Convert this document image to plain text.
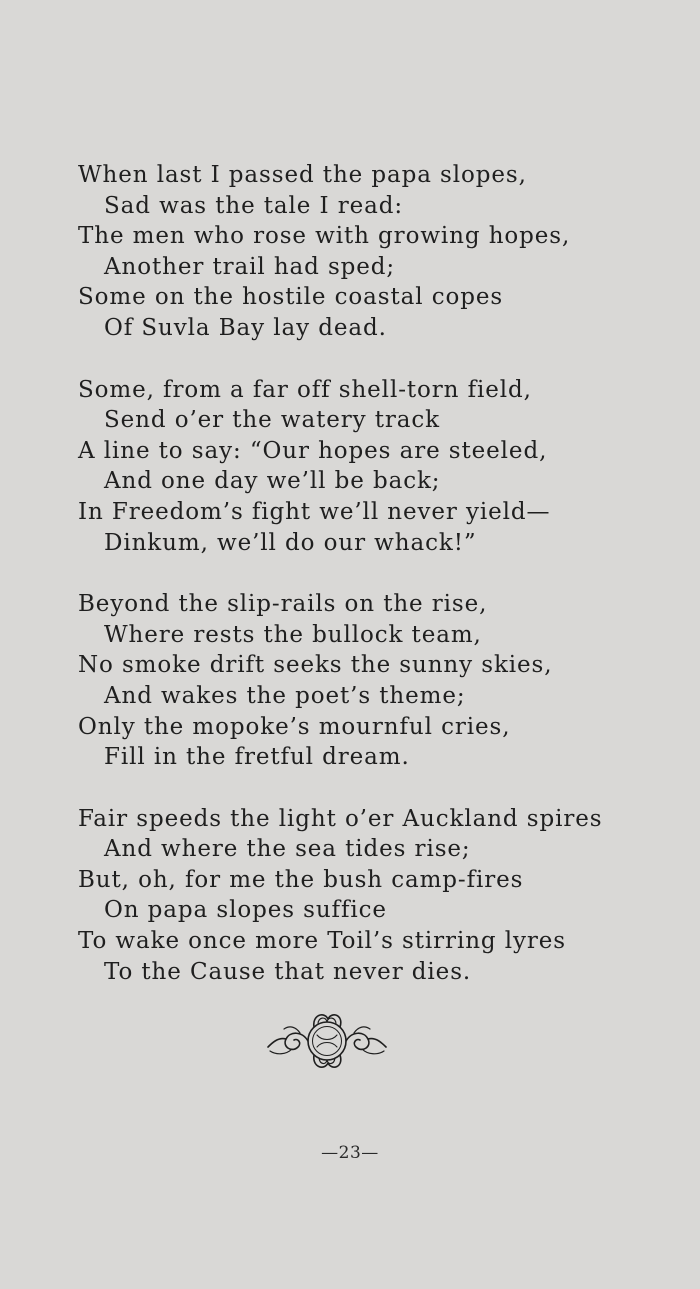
When last I passed the papa slopes,
Sad was the tale I read:
The men who rose with growing hopes,
Another trail had sped;
Some on the hostile coastal copes
Of Suvla Bay lay dead.
Some, from a far off shell-torn field,
Send o’er the watery track
A line to say: “Our hopes are steeled,
And one day we’ll be back;
In Freedom’s fight we’ll never yield—
Dinkum, we’ll do our whack!”
Beyond the slip-rails on the rise,
Where rests the bullock team,
No smoke drift seeks the sunny skies,
And wakes the poet’s theme;
Only the mopoke’s mournful cries,
Fill in the fretful dream.
Fair speeds the light o’er Auckland spires
And where the sea tides rise;
But, oh, for me the bush camp-fires
On papa slopes suffice
To wake once more Toil’s stirring lyres
To the Cause that never dies.
—23—
